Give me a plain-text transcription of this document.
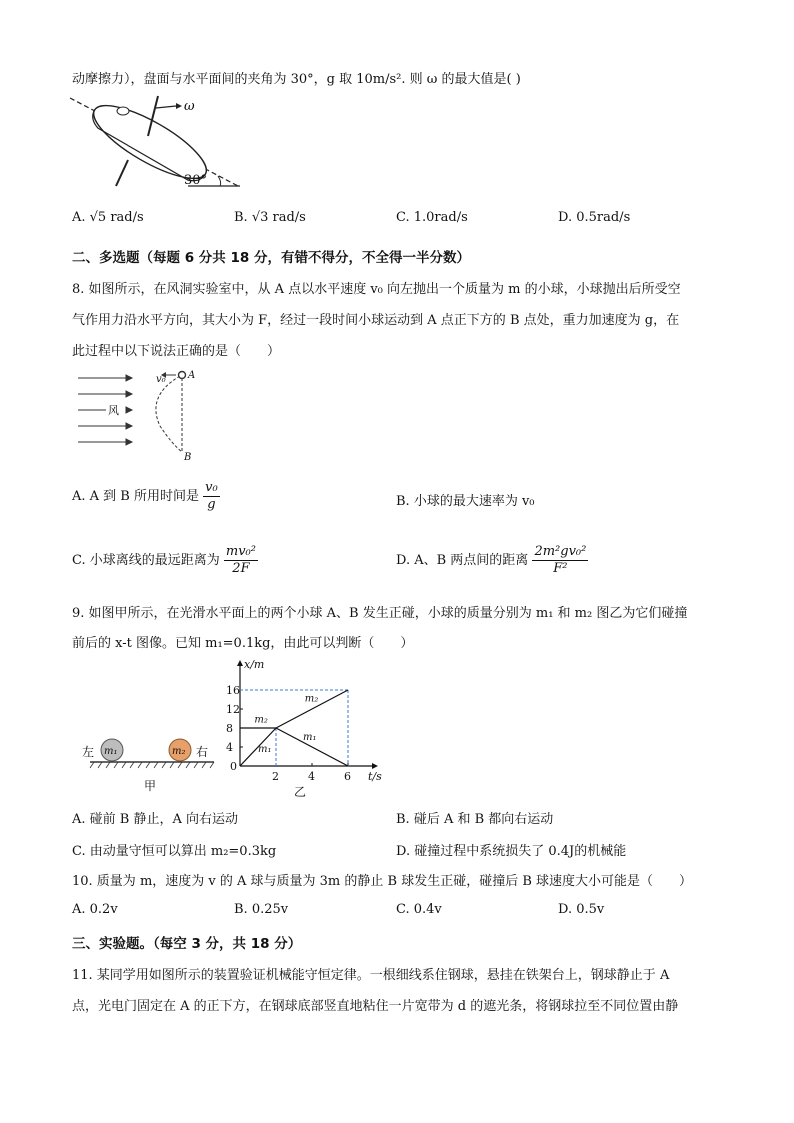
动摩擦力），盘面与水平面间的夹角为 30°，g 取 10m/s². 则 ω 的最大值是( )
ω
30°
A. √5 rad/s	B. √3 rad/s	C. 1.0rad/s	D. 0.5rad/s
二、多选题（每题 6 分共 18 分，有错不得分，不全得一半分数）
8. 如图所示，在风洞实验室中，从 A 点以水平速度 v₀ 向左抛出一个质量为 m 的小球，小球抛出后所受空
气作用力沿水平方向，其大小为 F，经过一段时间小球运动到 A 点正下方的 B 点处，重力加速度为 g，在
此过程中以下说法正确的是（　　）
风
v₀ A
B
A. A 到 B 所用时间是 $\frac{\text{v₀}}{g}$	B. 小球的最大速率为 v₀
C. 小球离线的最远距离为 $\frac{\text{mv₀²}}{2F}$	D. A、B 两点间的距离 $\frac{\text{2m²gv₀²}}{\text{F²}}$
9. 如图甲所示，在光滑水平面上的两个小球 A、B 发生正碰，小球的质量分别为 m₁ 和 m₂ 图乙为它们碰撞
前后的 x-t 图像。已知 m₁=0.1kg，由此可以判断（　　）
左 m₁	m₂ 右
甲
x/m
t/s
0
4
8
12
16
2	4	6
m₂
m₁
m₁
m₂
乙
A. 碰前 B 静止，A 向右运动	B. 碰后 A 和 B 都向右运动
C. 由动量守恒可以算出 m₂=0.3kg	D. 碰撞过程中系统损失了 0.4J的机械能
10. 质量为 m，速度为 v 的 A 球与质量为 3m 的静止 B 球发生正碰，碰撞后 B 球速度大小可能是（　　）
A. 0.2v	B. 0.25v	C. 0.4v	D. 0.5v
三、实验题。（每空 3 分，共 18 分）
11. 某同学用如图所示的装置验证机械能守恒定律。一根细线系住钢球，悬挂在铁架台上，钢球静止于 A
点，光电门固定在 A 的正下方，在钢球底部竖直地粘住一片宽带为 d 的遮光条，将钢球拉至不同位置由静
